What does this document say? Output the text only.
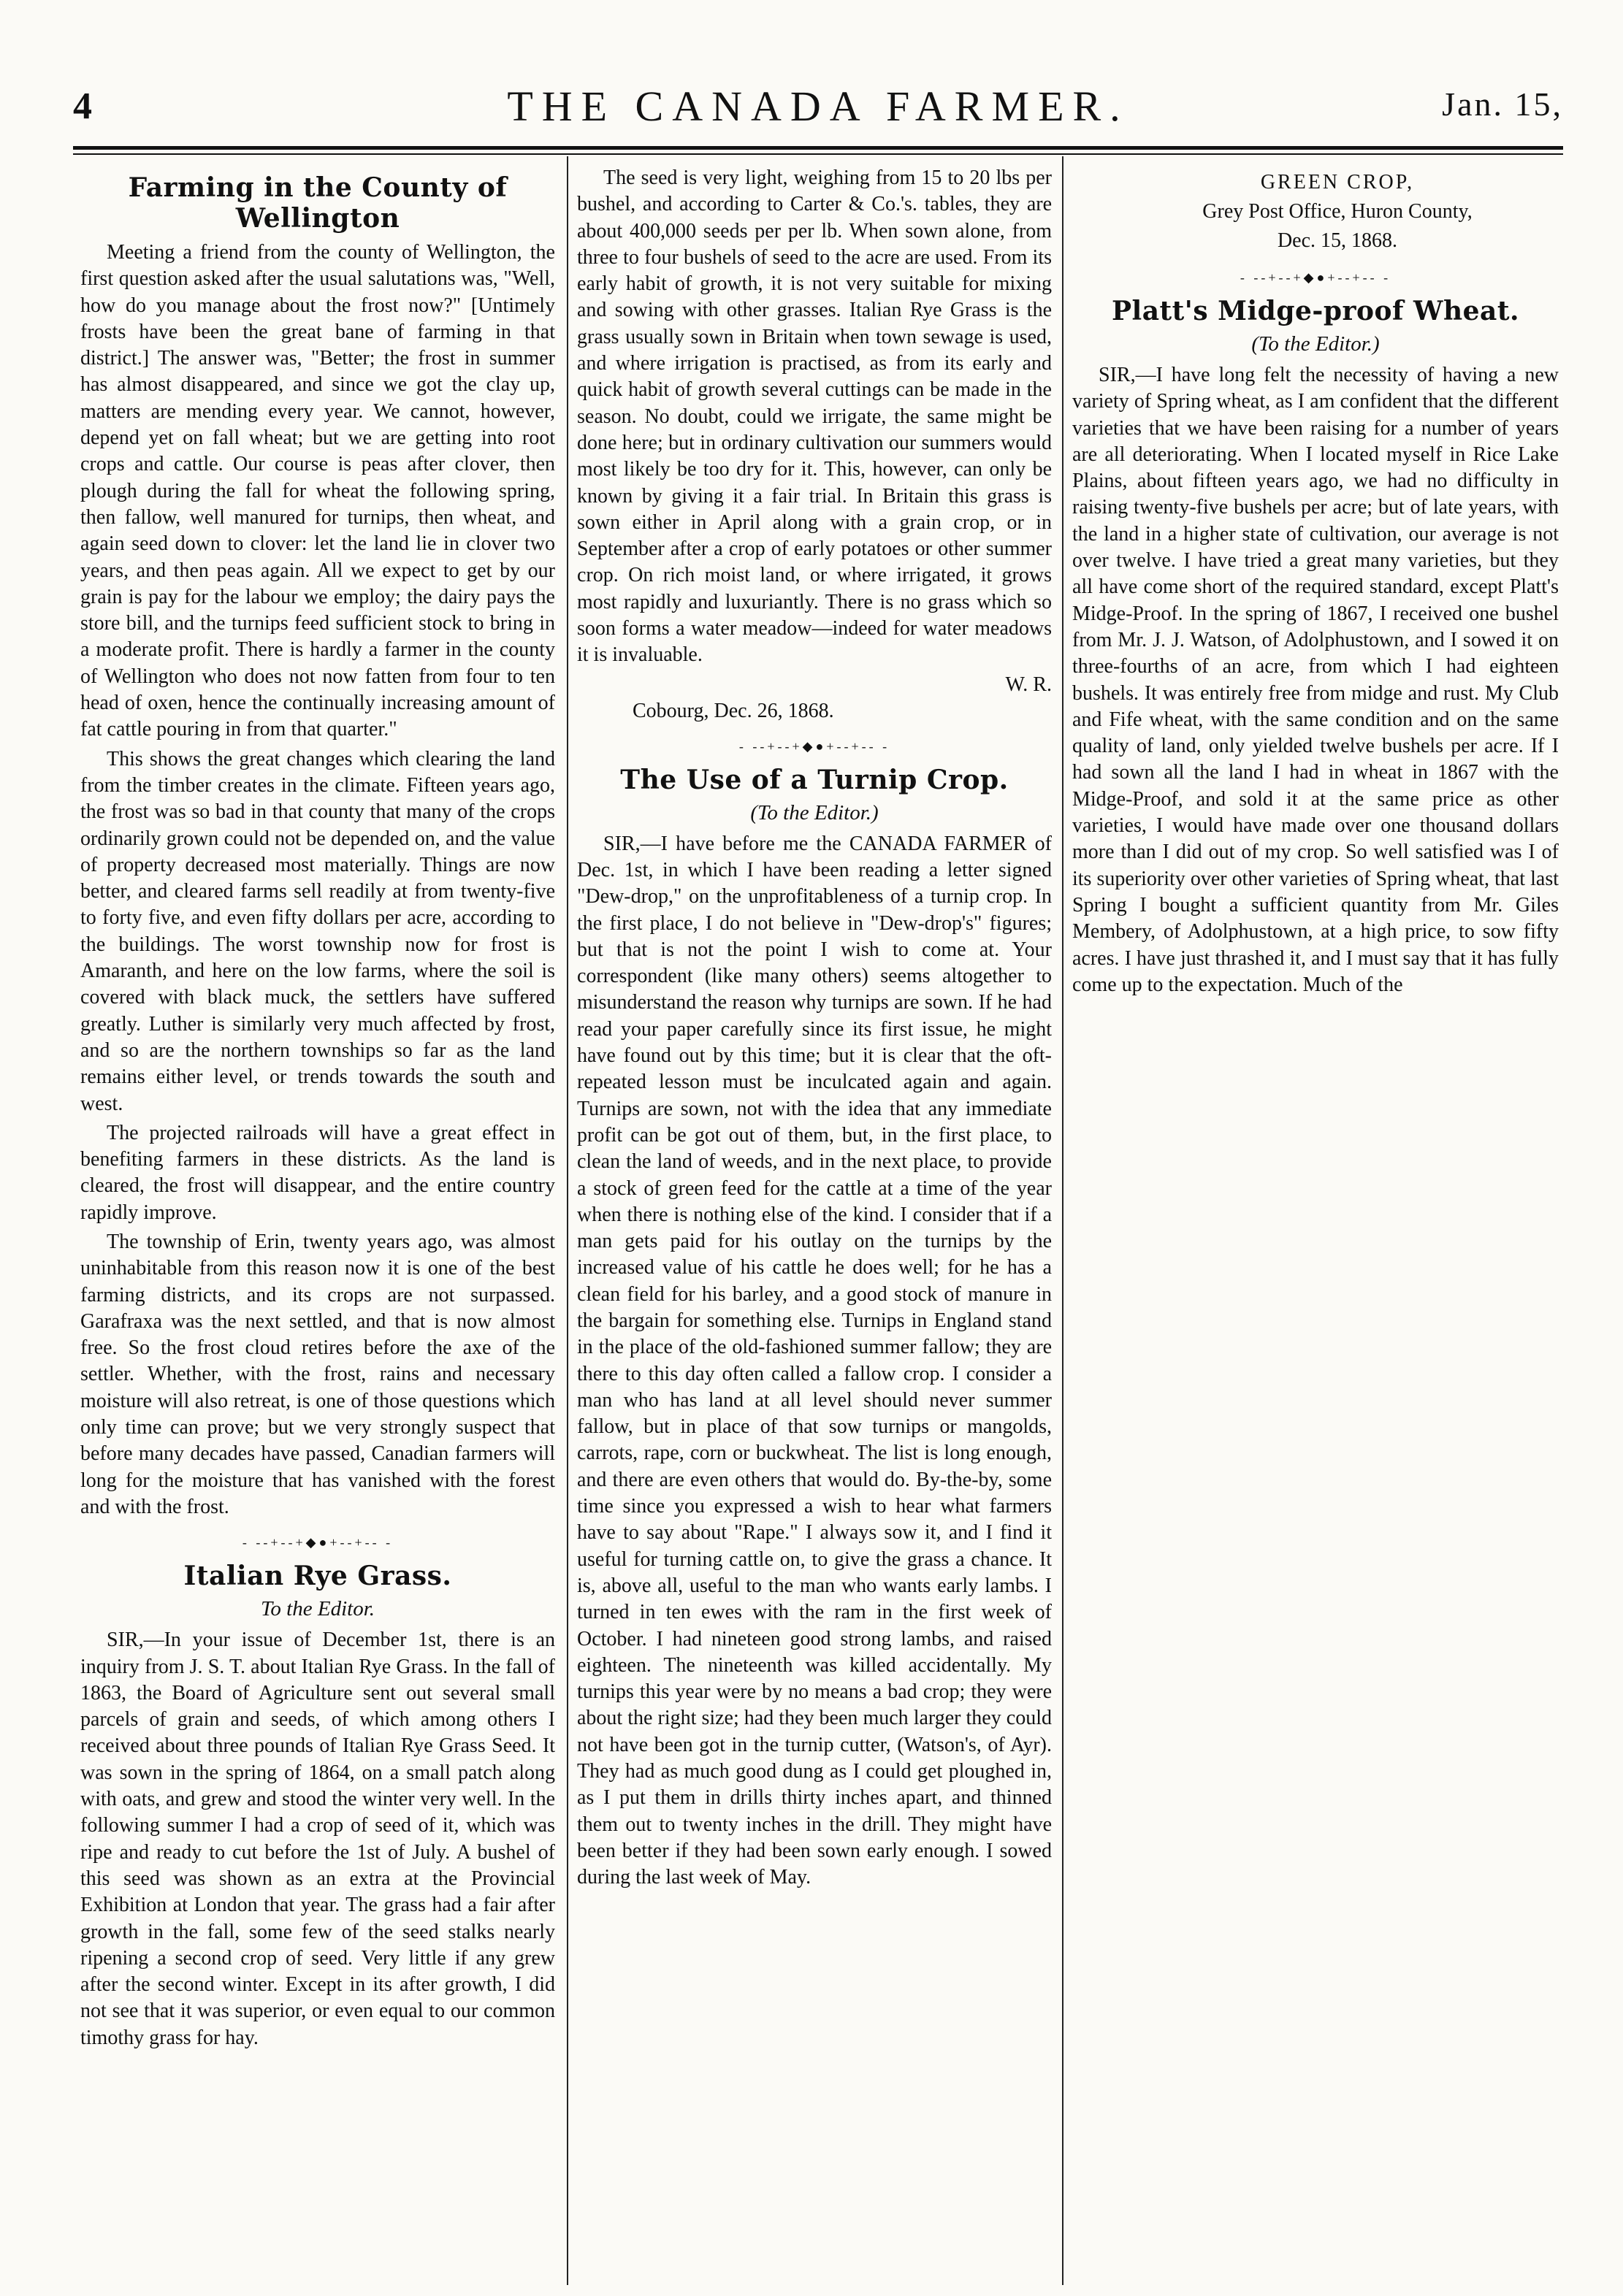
4	THE CANADA FARMER.	Jan. 15,
Farming in the County of Wellington

Meeting a friend from the county of Wellington, the first question asked after the usual salutations was, "Well, how do you manage about the frost now?" [Untimely frosts have been the great bane of farming in that district.] The answer was, "Better; the frost in summer has almost disappeared, and since we got the clay up, matters are mending every year. We cannot, however, depend yet on fall wheat; but we are getting into root crops and cattle. Our course is peas after clover, then plough during the fall for wheat the following spring, then fallow, well manured for turnips, then wheat, and again seed down to clover: let the land lie in clover two years, and then peas again. All we expect to get by our grain is pay for the labour we employ; the dairy pays the store bill, and the turnips feed sufficient stock to bring in a moderate profit. There is hardly a farmer in the county of Wellington who does not now fatten from four to ten head of oxen, hence the continually increasing amount of fat cattle pouring in from that quarter."

This shows the great changes which clearing the land from the timber creates in the climate. Fifteen years ago, the frost was so bad in that county that many of the crops ordinarily grown could not be depended on, and the value of property decreased most materially. Things are now better, and cleared farms sell readily at from twenty-five to forty five, and even fifty dollars per acre, according to the buildings. The worst township now for frost is Amaranth, and here on the low farms, where the soil is covered with black muck, the settlers have suffered greatly. Luther is similarly very much affected by frost, and so are the northern townships so far as the land remains either level, or trends towards the south and west.

The projected railroads will have a great effect in benefiting farmers in these districts. As the land is cleared, the frost will disappear, and the entire country rapidly improve.

The township of Erin, twenty years ago, was almost uninhabitable from this reason now it is one of the best farming districts, and its crops are not surpassed. Garafraxa was the next settled, and that is now almost free. So the frost cloud retires before the axe of the settler. Whether, with the frost, rains and necessary moisture will also retreat, is one of those questions which only time can prove; but we very strongly suspect that before many decades have passed, Canadian farmers will long for the moisture that has vanished with the forest and with the frost.

- --+--+◆●+--+-- -
Italian Rye Grass.
To the Editor.

SIR,—In your issue of December 1st, there is an inquiry from J. S. T. about Italian Rye Grass. In the fall of 1863, the Board of Agriculture sent out several small parcels of grain and seeds, of which among others I received about three pounds of Italian Rye Grass Seed. It was sown in the spring of 1864, on a small patch along with oats, and grew and stood the winter very well. In the following summer I had a crop of seed of it, which was ripe and ready to cut before the 1st of July. A bushel of this seed was shown as an extra at the Provincial Exhibition at London that year. The grass had a fair after growth in the fall, some few of the seed stalks nearly ripening a second crop of seed. Very little if any grew after the second winter. Except in its after growth, I did not see that it was superior, or even equal to our common timothy grass for hay.

The seed is very light, weighing from 15 to 20 lbs per bushel, and according to Carter & Co.'s. tables, they are about 400,000 seeds per per lb. When sown alone, from three to four bushels of seed to the acre are used. From its early habit of growth, it is not very suitable for mixing and sowing with other grasses. Italian Rye Grass is the grass usually sown in Britain when town sewage is used, and where irrigation is practised, as from its early and quick habit of growth several cuttings can be made in the season. No doubt, could we irrigate, the same might be done here; but in ordinary cultivation our summers would most likely be too dry for it. This, however, can only be known by giving it a fair trial. In Britain this grass is sown either in April along with a grain crop, or in September after a crop of early potatoes or other summer crop. On rich moist land, or where irrigated, it grows most rapidly and luxuriantly. There is no grass which so soon forms a water meadow—indeed for water meadows it is invaluable.

W. R.

Cobourg, Dec. 26, 1868.

- --+--+◆●+--+-- -
The Use of a Turnip Crop.
(To the Editor.)

SIR,—I have before me the CANADA FARMER of Dec. 1st, in which I have been reading a letter signed "Dew-drop," on the unprofitableness of a turnip crop. In the first place, I do not believe in "Dew-drop's" figures; but that is not the point I wish to come at. Your correspondent (like many others) seems altogether to misunderstand the reason why turnips are sown. If he had read your paper carefully since its first issue, he might have found out by this time; but it is clear that the oft-repeated lesson must be inculcated again and again. Turnips are sown, not with the idea that any immediate profit can be got out of them, but, in the first place, to clean the land of weeds, and in the next place, to provide a stock of green feed for the cattle at a time of the year when there is nothing else of the kind. I consider that if a man gets paid for his outlay on the turnips by the increased value of his cattle he does well; for he has a clean field for his barley, and a good stock of manure in the bargain for something else. Turnips in England stand in the place of the old-fashioned summer fallow; they are there to this day often called a fallow crop. I consider a man who has land at all level should never summer fallow, but in place of that sow turnips or mangolds, carrots, rape, corn or buckwheat. The list is long enough, and there are even others that would do. By-the-by, some time since you expressed a wish to hear what farmers have to say about "Rape." I always sow it, and I find it useful for turning cattle on, to give the grass a chance. It is, above all, useful to the man who wants early lambs. I turned in ten ewes with the ram in the first week of October. I had nineteen good strong lambs, and raised eighteen. The nineteenth was killed accidentally. My turnips this year were by no means a bad crop; they were about the right size; had they been much larger they could not have been got in the turnip cutter, (Watson's, of Ayr). They had as much good dung as I could get ploughed in, as I put them in drills thirty inches apart, and thinned them out to twenty inches in the drill. They might have been better if they had been sown early enough. I sowed during the last week of May.

GREEN CROP,
Grey Post Office, Huron County,
Dec. 15, 1868.
- --+--+◆●+--+-- -
Platt's Midge-proof Wheat.
(To the Editor.)

SIR,—I have long felt the necessity of having a new variety of Spring wheat, as I am confident that the different varieties that we have been raising for a number of years are all deteriorating. When I located myself in Rice Lake Plains, about fifteen years ago, we had no difficulty in raising twenty-five bushels per acre; but of late years, with the land in a higher state of cultivation, our average is not over twelve. I have tried a great many varieties, but they all have come short of the required standard, except Platt's Midge-Proof. In the spring of 1867, I received one bushel from Mr. J. J. Watson, of Adolphustown, and I sowed it on three-fourths of an acre, from which I had eighteen bushels. It was entirely free from midge and rust. My Club and Fife wheat, with the same condition and on the same quality of land, only yielded twelve bushels per acre. If I had sown all the land I had in wheat in 1867 with the Midge-Proof, and sold it at the same price as other varieties, I would have made over one thousand dollars more than I did out of my crop. So well satisfied was I of its superiority over other varieties of Spring wheat, that last Spring I bought a sufficient quantity from Mr. Giles Membery, of Adolphustown, at a high price, to sow fifty acres. I have just thrashed it, and I must say that it has fully come up to the expectation. Much of the
